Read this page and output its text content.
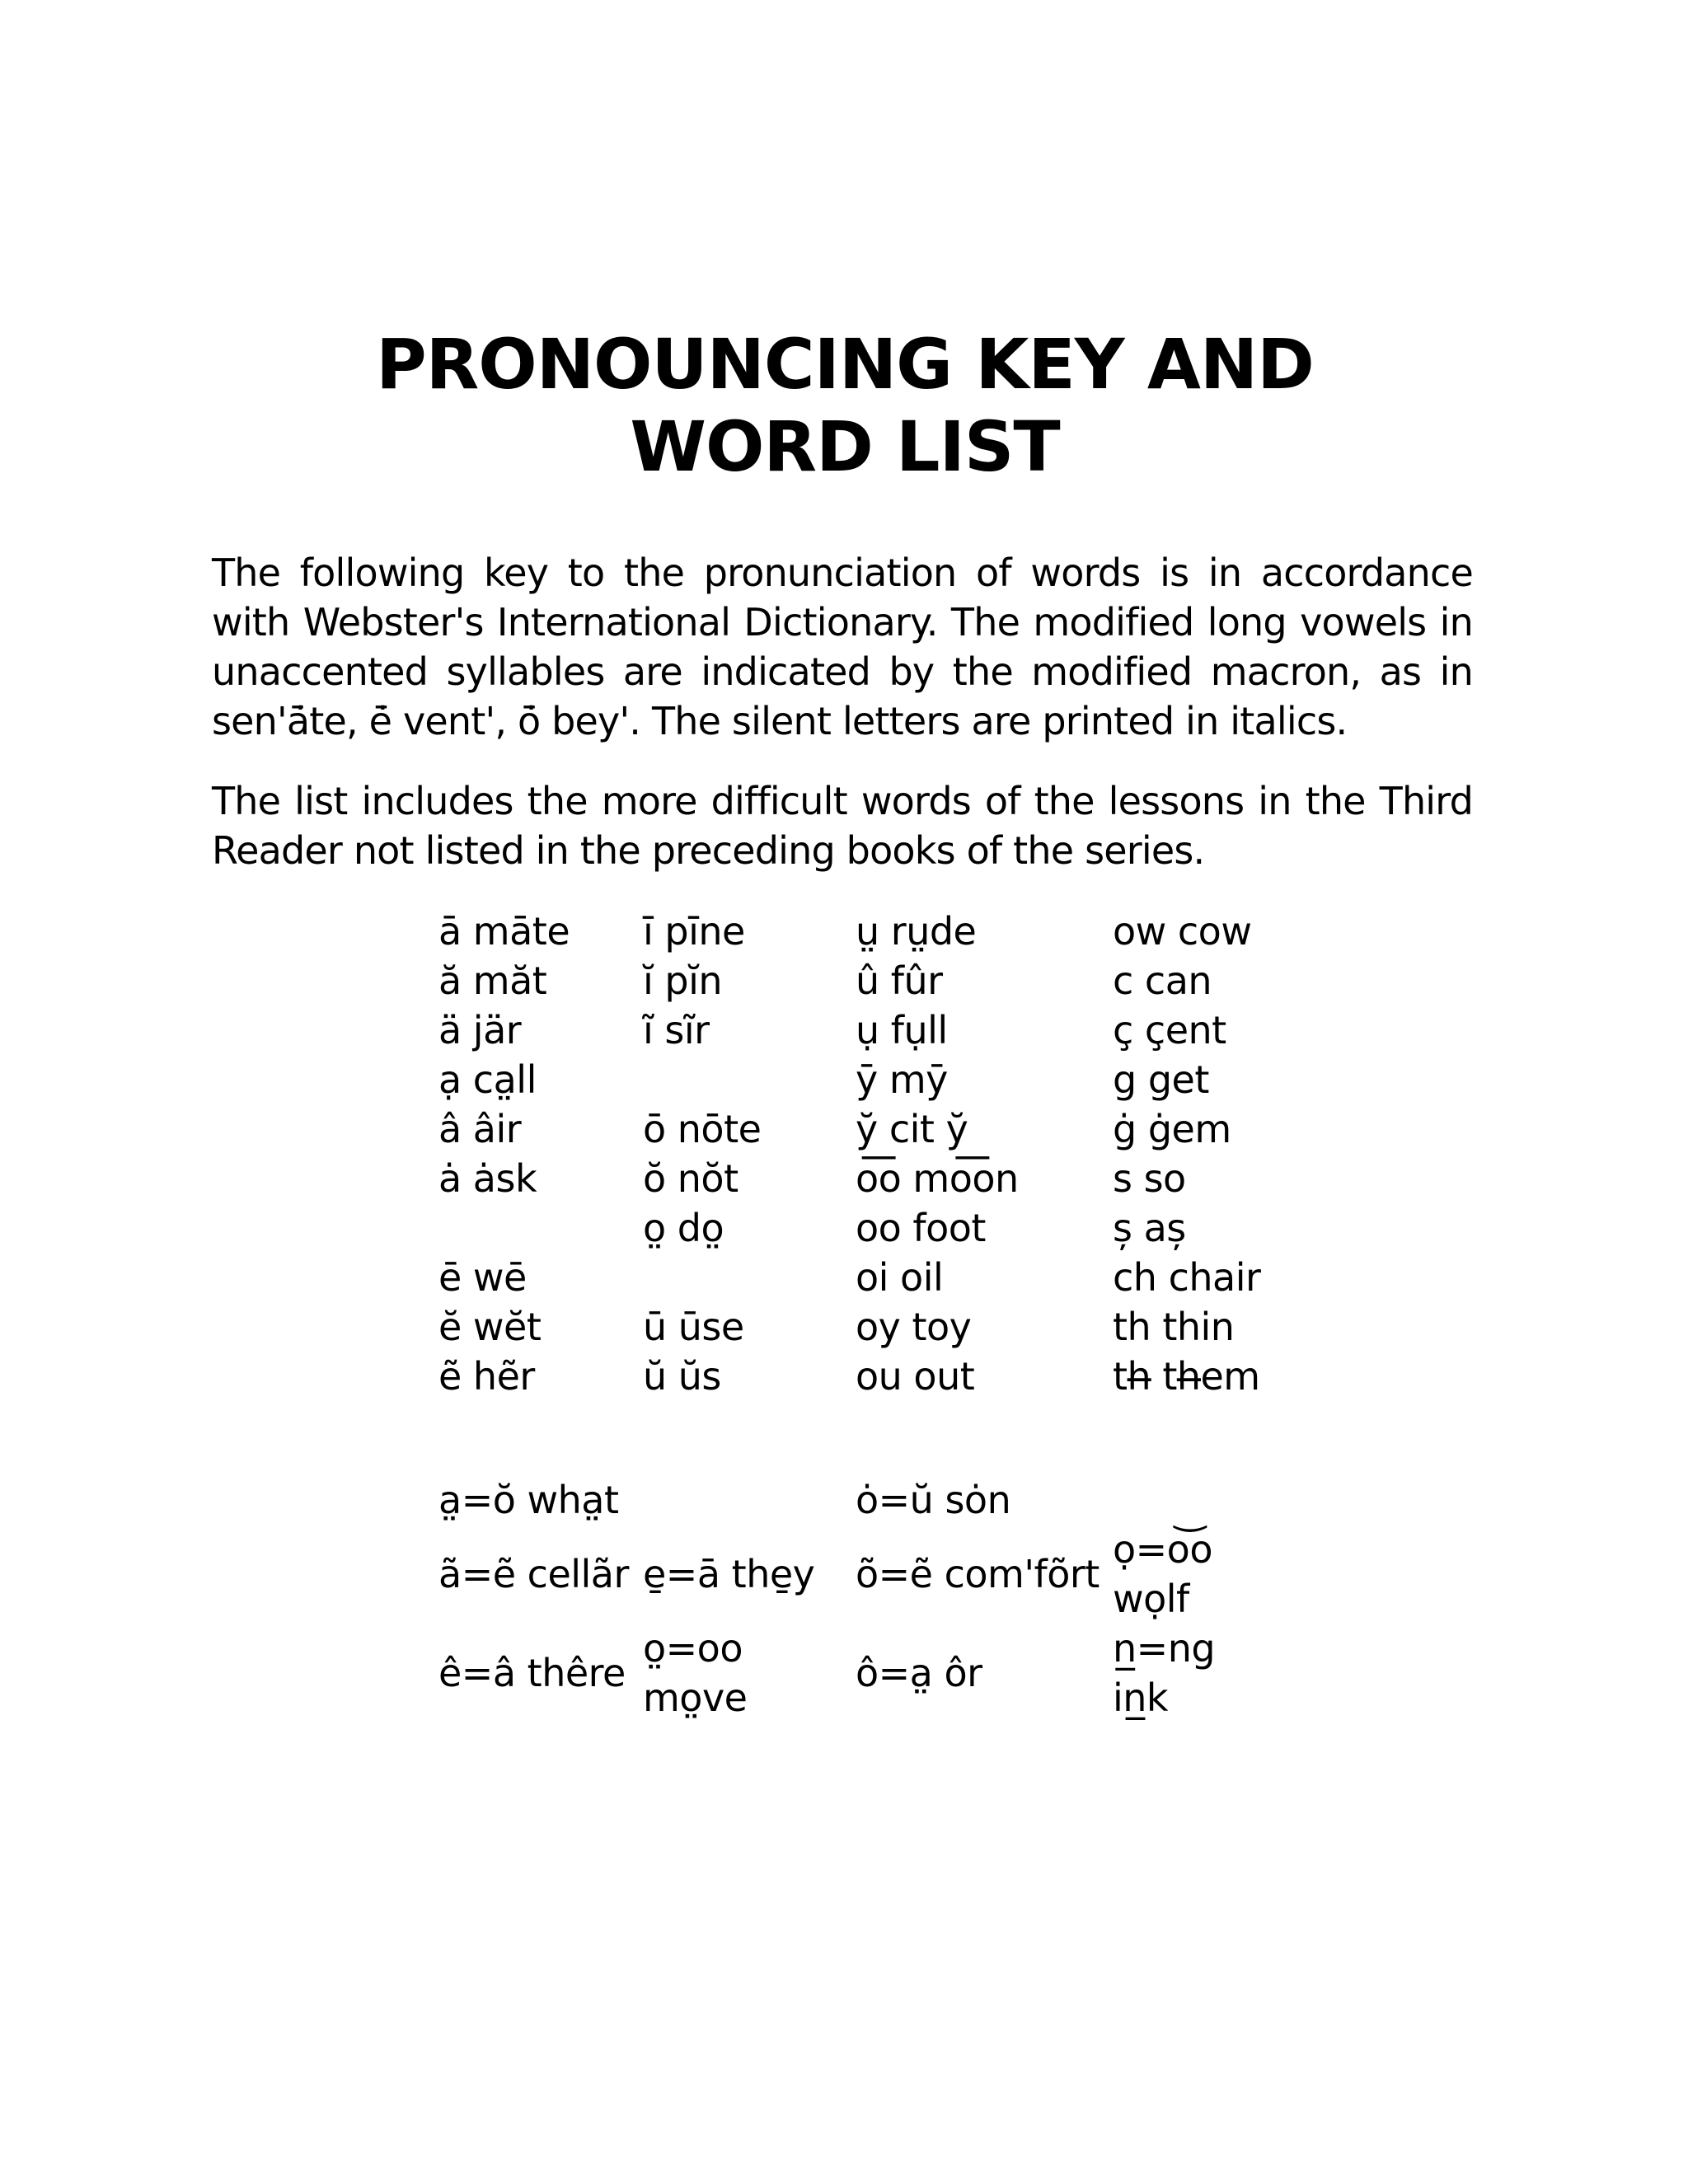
PRONOUNCING KEY AND WORD LIST

The following key to the pronunciation of words is in accordance with Webster's International Dictionary. The modified long vowels in unaccented syllables are indicated by the modified macron, as in sen'ā̇te, ē̇ vent', ō̇ bey'. The silent letters are printed in italics.

The list includes the more difficult words of the lessons in the Third Reader not listed in the preceding books of the series.

ā māte	ī pīne	ṳ rṳde	ow cow
ă măt	ĭ pĭn	û fûr	c can
ä jär	ĩ sĩr	ụ fụll	ç çent
ạ ca̤ll		ȳ mȳ	g get
â âir	ō nōte	y̆ cit y̆	ġ ġem
ȧ ȧsk	ŏ nŏt	o͞o mo͞on	s so
	o̤ do̤	oo foot	ș aș
ē wē		oi oil	ch chair
ĕ wĕt	ū ūse	oy toy	th thin
ẽ hẽr	ŭ ŭs	ou out	th̶ th̶em

a̤=ŏ wha̤t		ȯ=ŭ sȯn	
ã=ẽ cellãr	e̱=ā the̱y	õ=ẽ com'fõrt	ọ=o͝o wọlf
ê=â thêre	o̤=oo mo̤ve	ô=a̤ ôr	n̲=ng in̲k
